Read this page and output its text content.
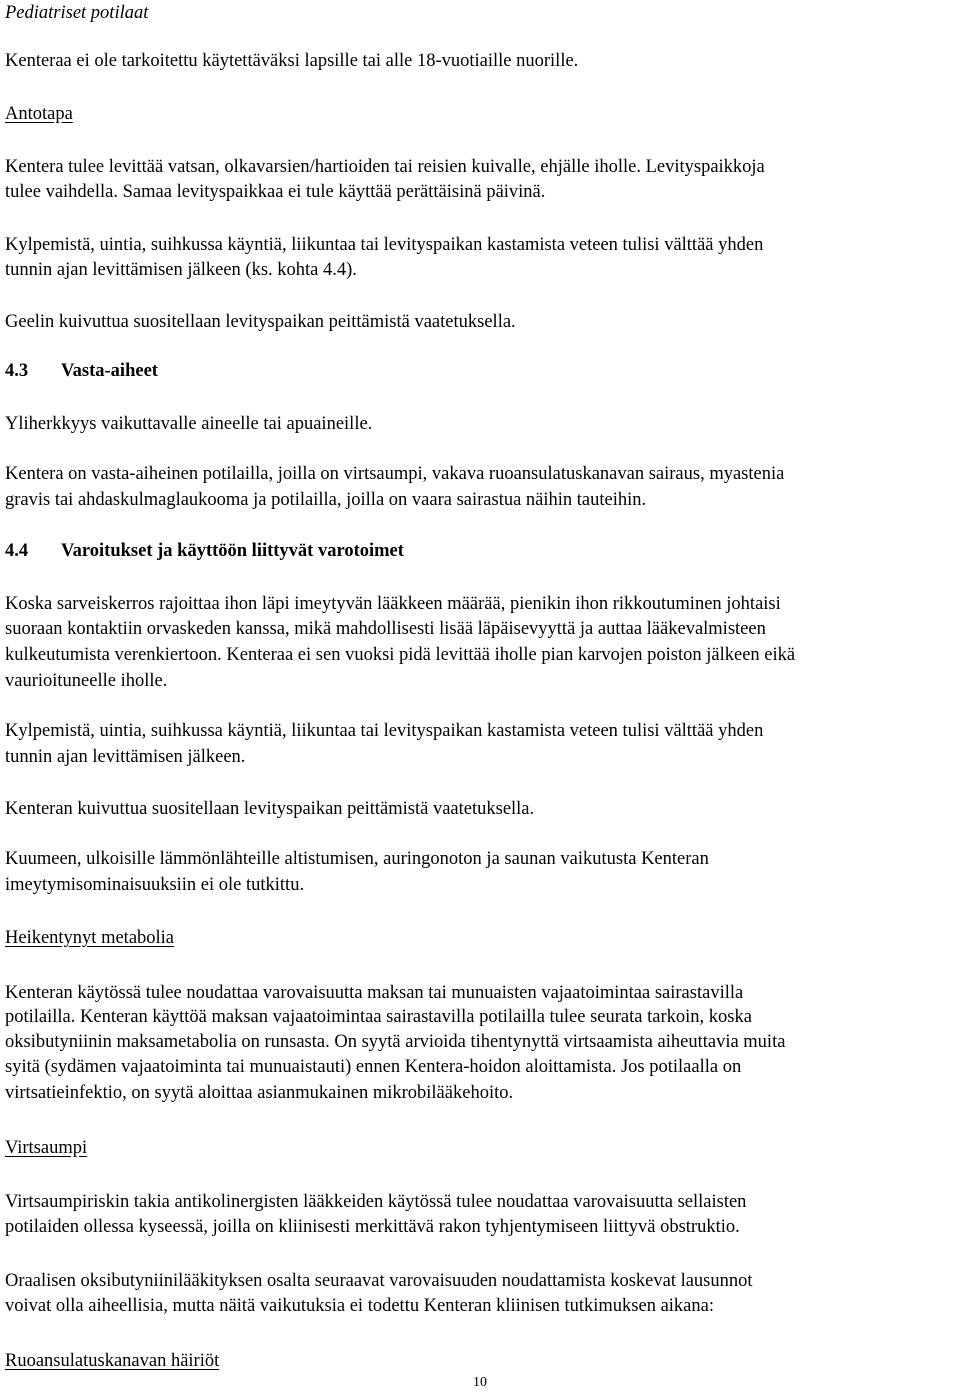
Pediatriset potilaat
Kenteraa ei ole tarkoitettu käytettäväksi lapsille tai alle 18-vuotiaille nuorille.
Antotapa
Kentera tulee levittää vatsan, olkavarsien/hartioiden tai reisien kuivalle, ehjälle iholle. Levityspaikkoja
tulee vaihdella. Samaa levityspaikkaa ei tule käyttää perättäisinä päivinä.
Kylpemistä, uintia, suihkussa käyntiä, liikuntaa tai levityspaikan kastamista veteen tulisi välttää yhden
tunnin ajan levittämisen jälkeen (ks. kohta 4.4).
Geelin kuivuttua suositellaan levityspaikan peittämistä vaatetuksella.
4.3 Vasta-aiheet
Yliherkkyys vaikuttavalle aineelle tai apuaineille.
Kentera on vasta-aiheinen potilailla, joilla on virtsaumpi, vakava ruoansulatuskanavan sairaus, myastenia
gravis tai ahdaskulmaglaukooma ja potilailla, joilla on vaara sairastua näihin tauteihin.
4.4 Varoitukset ja käyttöön liittyvät varotoimet
Koska sarveiskerros rajoittaa ihon läpi imeytyvän lääkkeen määrää, pienikin ihon rikkoutuminen johtaisi
suoraan kontaktiin orvaskeden kanssa, mikä mahdollisesti lisää läpäisevyyttä ja auttaa lääkevalmisteen
kulkeutumista verenkiertoon. Kenteraa ei sen vuoksi pidä levittää iholle pian karvojen poiston jälkeen eikä
vaurioituneelle iholle.
Kylpemistä, uintia, suihkussa käyntiä, liikuntaa tai levityspaikan kastamista veteen tulisi välttää yhden
tunnin ajan levittämisen jälkeen.
Kenteran kuivuttua suositellaan levityspaikan peittämistä vaatetuksella.
Kuumeen, ulkoisille lämmönlähteille altistumisen, auringonoton ja saunan vaikutusta Kenteran
imeytymisominaisuuksiin ei ole tutkittu.
Heikentynyt metabolia
Kenteran käytössä tulee noudattaa varovaisuutta maksan tai munuaisten vajaatoimintaa sairastavilla
potilailla. Kenteran käyttöä maksan vajaatoimintaa sairastavilla potilailla tulee seurata tarkoin, koska
oksibutyniinin maksametabolia on runsasta. On syytä arvioida tihentynyttä virtsaamista aiheuttavia muita
syitä (sydämen vajaatoiminta tai munuaistauti) ennen Kentera-hoidon aloittamista. Jos potilaalla on
virtsatieinfektio, on syytä aloittaa asianmukainen mikrobilääkehoito.
Virtsaumpi
Virtsaumpiriskin takia antikolinergisten lääkkeiden käytössä tulee noudattaa varovaisuutta sellaisten
potilaiden ollessa kyseessä, joilla on kliinisesti merkittävä rakon tyhjentymiseen liittyvä obstruktio.
Oraalisen oksibutyniinilääkityksen osalta seuraavat varovaisuuden noudattamista koskevat lausunnot
voivat olla aiheellisia, mutta näitä vaikutuksia ei todettu Kenteran kliinisen tutkimuksen aikana:
Ruoansulatuskanavan häiriöt
10
